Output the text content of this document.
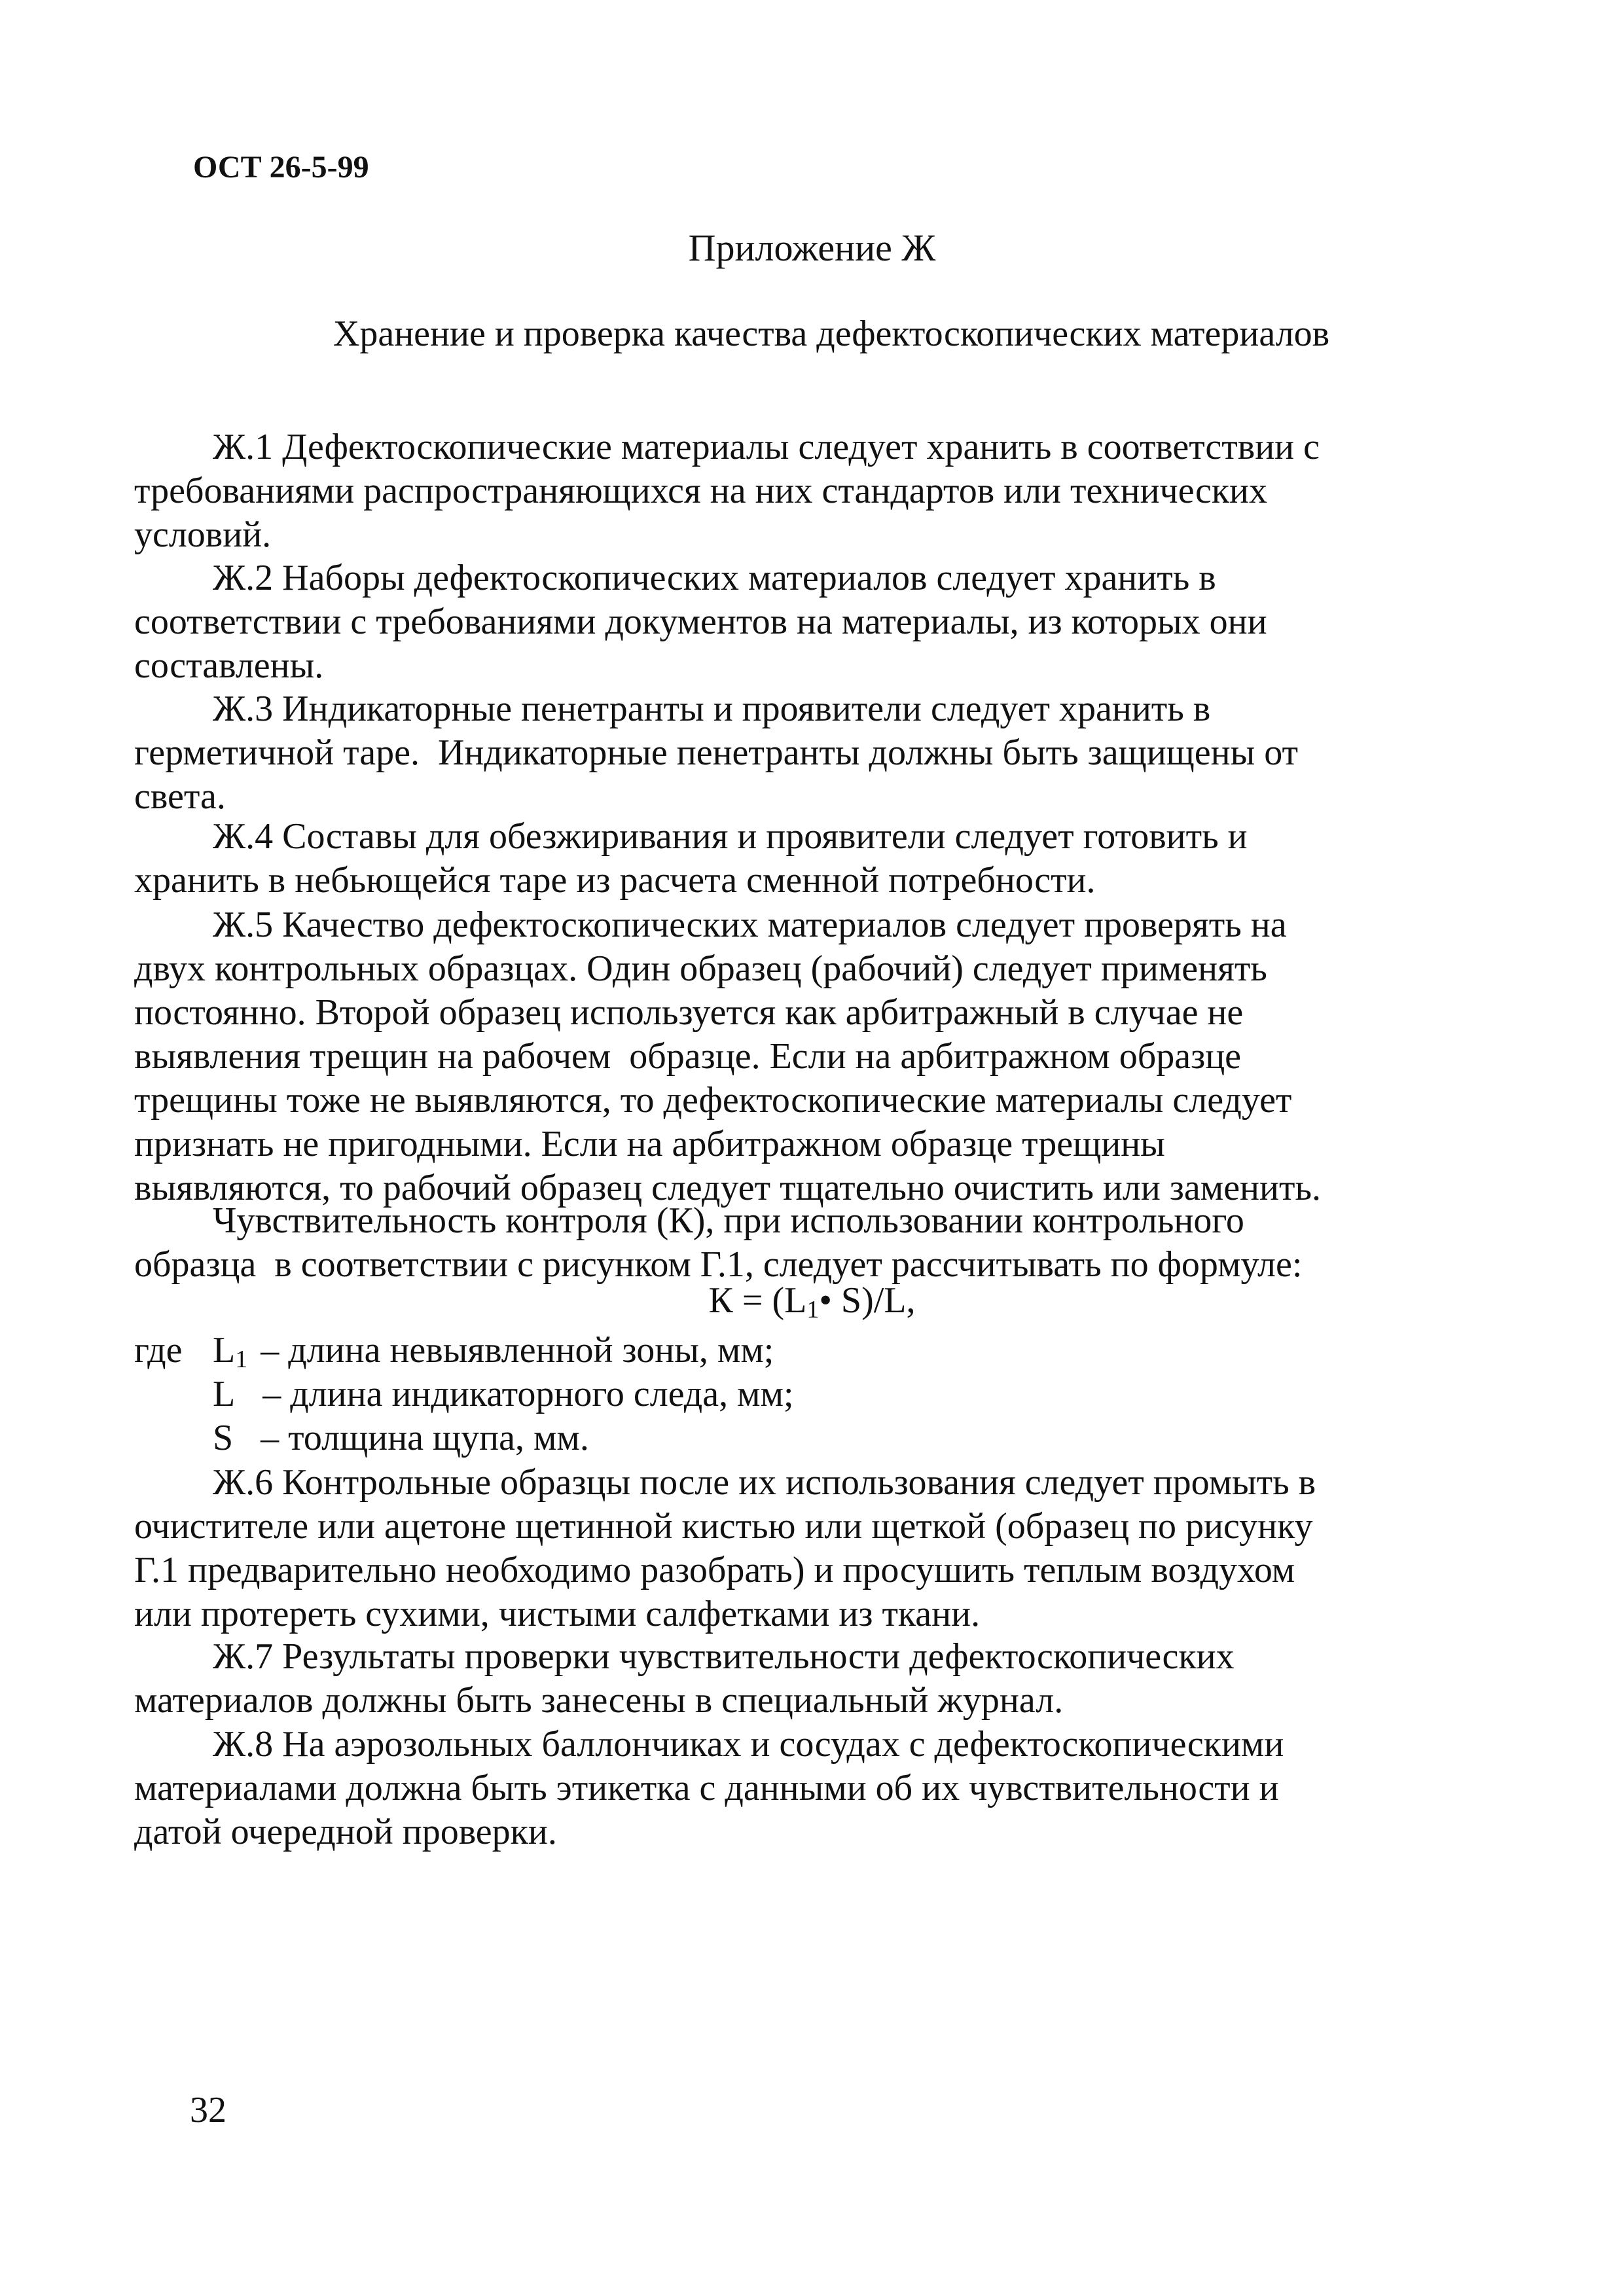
ОСТ 26-5-99
Приложение Ж
Хранение и проверка качества дефектоскопических материалов
Ж.1 Дефектоскопические материалы следует хранить в соответствии с
требованиями распространяющихся на них стандартов или технических
условий.
Ж.2 Наборы дефектоскопических материалов следует хранить в
соответствии с требованиями документов на материалы, из которых они
составлены.
Ж.3 Индикаторные пенетранты и проявители следует хранить в
герметичной таре.  Индикаторные пенетранты должны быть защищены от
света.
Ж.4 Составы для обезжиривания и проявители следует готовить и
хранить в небьющейся таре из расчета сменной потребности.
Ж.5 Качество дефектоскопических материалов следует проверять на
двух контрольных образцах. Один образец (рабочий) следует применять
постоянно. Второй образец используется как арбитражный в случае не
выявления трещин на рабочем  образце. Если на арбитражном образце
трещины тоже не выявляются, то дефектоскопические материалы следует
признать не пригодными. Если на арбитражном образце трещины
выявляются, то рабочий образец следует тщательно очистить или заменить.
Чувствительность контроля (К), при использовании контрольного
образца  в соответствии с рисунком Г.1, следует рассчитывать по формуле:
$К = (L_1•$ S)/L,
где $L_1$ – длина невыявленной зоны, мм;
L – длина индикаторного следа, мм;
S – толщина щупа, мм.
Ж.6 Контрольные образцы после их использования следует промыть в
очистителе или ацетоне щетинной кистью или щеткой (образец по рисунку
Г.1 предварительно необходимо разобрать) и просушить теплым воздухом
или протереть сухими, чистыми салфетками из ткани.
Ж.7 Результаты проверки чувствительности дефектоскопических
материалов должны быть занесены в специальный журнал.
Ж.8 На аэрозольных баллончиках и сосудах с дефектоскопическими
материалами должна быть этикетка с данными об их чувствительности и
датой очередной проверки.
32
